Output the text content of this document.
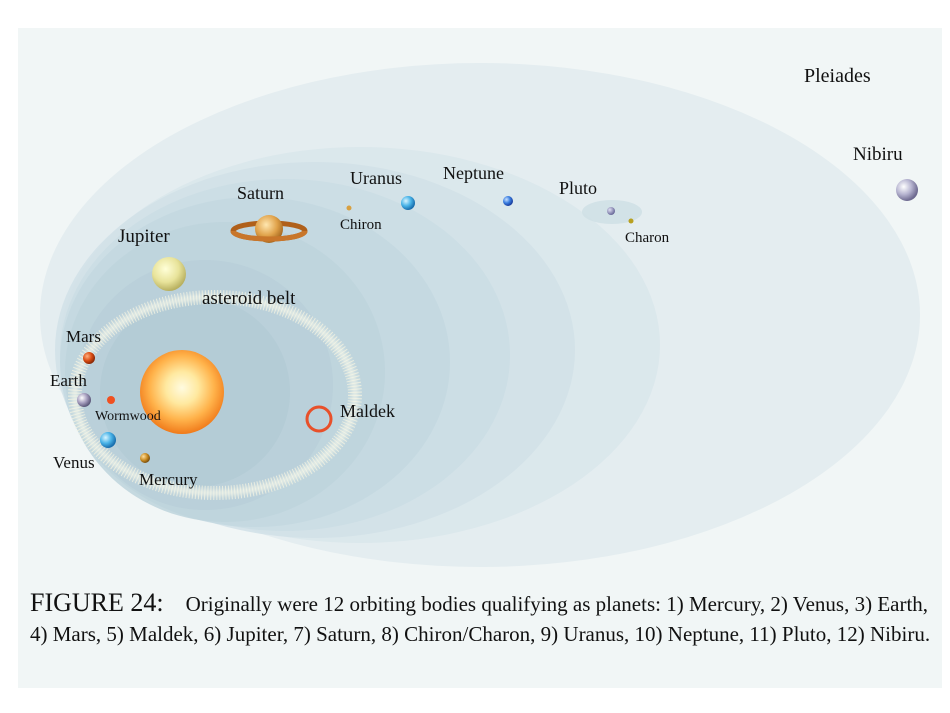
Pleiades
Nibiru
Neptune
Uranus	Pluto
Saturn
Chiron
Charon
Jupiter
asteroid belt
Mars
Earth
Wormwood	Maldek
Venus
Mercury
FIGURE 24: Originally were 12 orbiting bodies qualifying as planets: 1) Mercury, 2) Venus, 3) Earth, 4) Mars, 5) Maldek, 6) Jupiter, 7) Saturn, 8) Chiron/Charon, 9) Uranus, 10) Neptune, 11) Pluto, 12) Nibiru.
